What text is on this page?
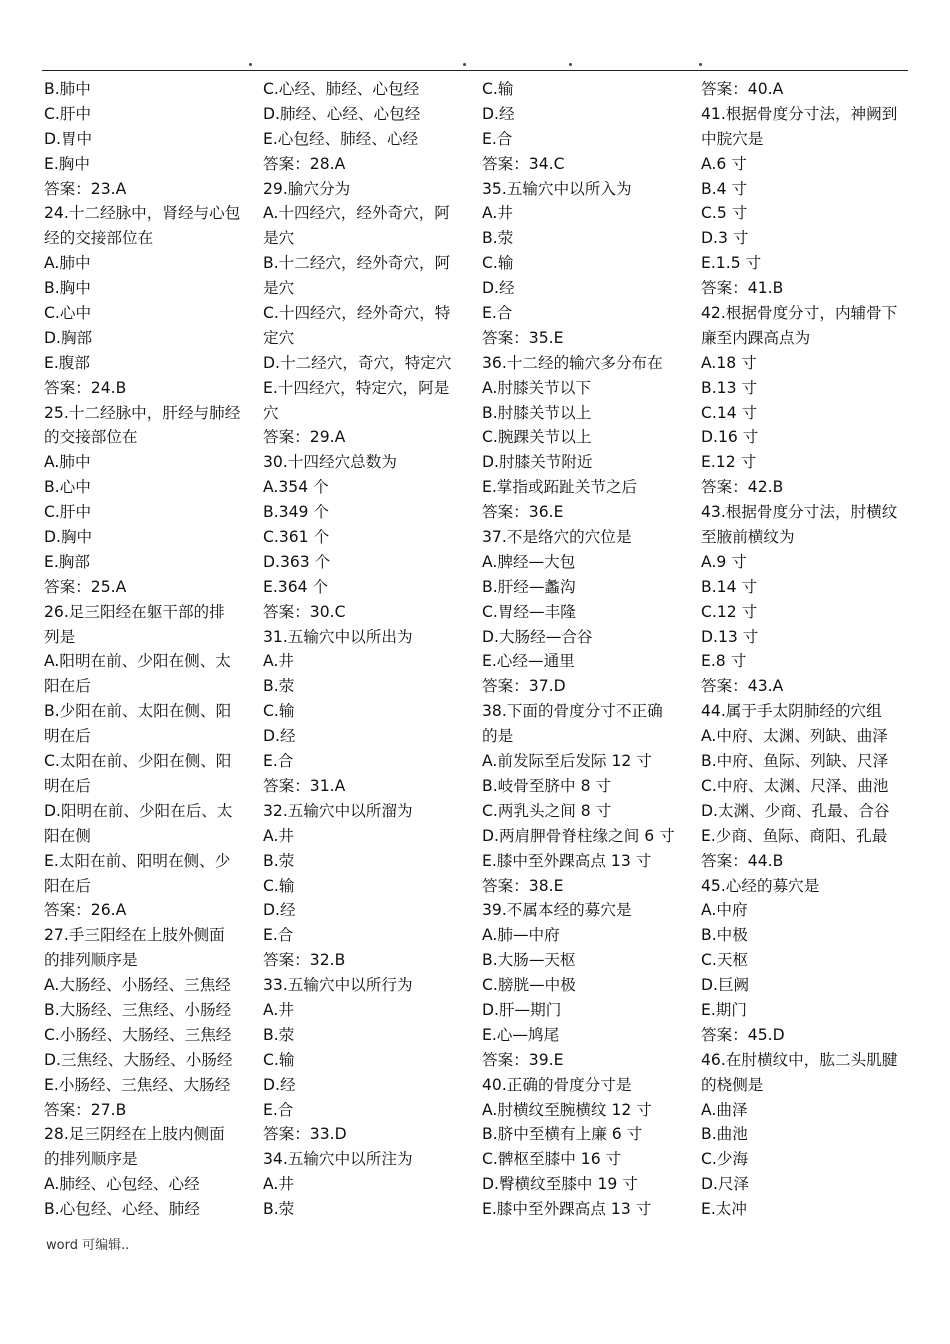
B.肺中
C.肝中
D.胃中
E.胸中
答案：23.A
24.十二经脉中，肾经与心包
经的交接部位在
A.肺中
B.胸中
C.心中
D.胸部
E.腹部
答案：24.B
25.十二经脉中，肝经与肺经
的交接部位在
A.肺中
B.心中
C.肝中
D.胸中
E.胸部
答案：25.A
26.足三阳经在躯干部的排
列是
A.阳明在前、少阳在侧、太
阳在后
B.少阳在前、太阳在侧、阳
明在后
C.太阳在前、少阳在侧、阳
明在后
D.阳明在前、少阳在后、太
阳在侧
E.太阳在前、阳明在侧、少
阳在后
答案：26.A
27.手三阳经在上肢外侧面
的排列顺序是
A.大肠经、小肠经、三焦经
B.大肠经、三焦经、小肠经
C.小肠经、大肠经、三焦经
D.三焦经、大肠经、小肠经
E.小肠经、三焦经、大肠经
答案：27.B
28.足三阴经在上肢内侧面
的排列顺序是
A.肺经、心包经、心经
B.心包经、心经、肺经
C.心经、肺经、心包经
D.肺经、心经、心包经
E.心包经、肺经、心经
答案：28.A
29.腧穴分为
A.十四经穴，经外奇穴，阿
是穴
B.十二经穴，经外奇穴，阿
是穴
C.十四经穴，经外奇穴，特
定穴
D.十二经穴，奇穴，特定穴
E.十四经穴，特定穴，阿是
穴
答案：29.A
30.十四经穴总数为
A.354 个
B.349 个
C.361 个
D.363 个
E.364 个
答案：30.C
31.五输穴中以所出为
A.井
B.荥
C.输
D.经
E.合
答案：31.A
32.五输穴中以所溜为
A.井
B.荥
C.输
D.经
E.合
答案：32.B
33.五输穴中以所行为
A.井
B.荥
C.输
D.经
E.合
答案：33.D
34.五输穴中以所注为
A.井
B.荥
C.输
D.经
E.合
答案：34.C
35.五输穴中以所入为
A.井
B.荥
C.输
D.经
E.合
答案：35.E
36.十二经的输穴多分布在
A.肘膝关节以下
B.肘膝关节以上
C.腕踝关节以上
D.肘膝关节附近
E.掌指或跖趾关节之后
答案：36.E
37.不是络穴的穴位是
A.脾经—大包
B.肝经—蠡沟
C.胃经—丰隆
D.大肠经—合谷
E.心经—通里
答案：37.D
38.下面的骨度分寸不正确
的是
A.前发际至后发际 12 寸
B.岐骨至脐中 8 寸
C.两乳头之间 8 寸
D.两肩胛骨脊柱缘之间 6 寸
E.膝中至外踝高点 13 寸
答案：38.E
39.不属本经的募穴是
A.肺—中府
B.大肠—天枢
C.膀胱—中极
D.肝—期门
E.心—鸠尾
答案：39.E
40.正确的骨度分寸是
A.肘横纹至腕横纹 12 寸
B.脐中至横有上廉 6 寸
C.髀枢至膝中 16 寸
D.臀横纹至膝中 19 寸
E.膝中至外踝高点 13 寸
答案：40.A
41.根据骨度分寸法，神阙到
中脘穴是
A.6 寸
B.4 寸
C.5 寸
D.3 寸
E.1.5 寸
答案：41.B
42.根据骨度分寸，内辅骨下
廉至内踝高点为
A.18 寸
B.13 寸
C.14 寸
D.16 寸
E.12 寸
答案：42.B
43.根据骨度分寸法，肘横纹
至腋前横纹为
A.9 寸
B.14 寸
C.12 寸
D.13 寸
E.8 寸
答案：43.A
44.属于手太阴肺经的穴组
A.中府、太渊、列缺、曲泽
B.中府、鱼际、列缺、尺泽
C.中府、太渊、尺泽、曲池
D.太渊、少商、孔最、合谷
E.少商、鱼际、商阳、孔最
答案：44.B
45.心经的募穴是
A.中府
B.中极
C.天枢
D.巨阙
E.期门
答案：45.D
46.在肘横纹中，肱二头肌腱
的桡侧是
A.曲泽
B.曲池
C.少海
D.尺泽
E.太冲
word 可编辑..
